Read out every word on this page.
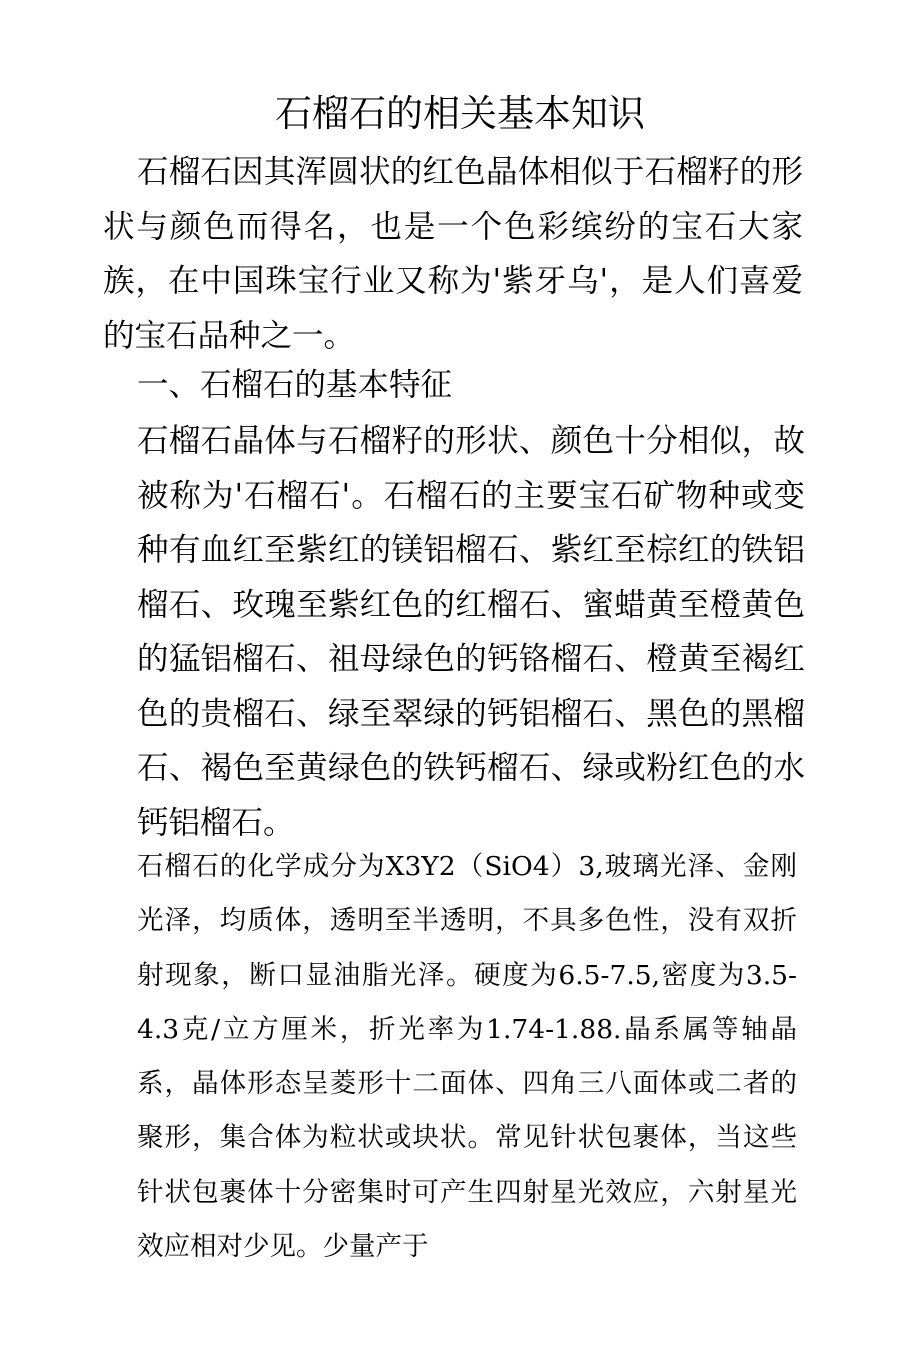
石榴石的相关基本知识

石榴石因其浑圆状的红色晶体相似于石榴籽的形状与颜色而得名，也是一个色彩缤纷的宝石大家族，在中国珠宝行业又称为'紫牙乌'，是人们喜爱的宝石品种之一。

一、石榴石的基本特征

石榴石晶体与石榴籽的形状、颜色十分相似，故被称为'石榴石'。石榴石的主要宝石矿物种或变种有血红至紫红的镁铝榴石、紫红至棕红的铁铝榴石、玫瑰至紫红色的红榴石、蜜蜡黄至橙黄色的猛铝榴石、祖母绿色的钙铬榴石、橙黄至褐红色的贵榴石、绿至翠绿的钙铝榴石、黑色的黑榴石、褐色至黄绿色的铁钙榴石、绿或粉红色的水钙铝榴石。

石榴石的化学成分为X3Y2（SiO4）3,玻璃光泽、金刚光泽，均质体，透明至半透明，不具多色性，没有双折射现象，断口显油脂光泽。硬度为6.5-7.5,密度为3.5-4.3克/立方厘米，折光率为1.74-1.88.晶系属等轴晶系，晶体形态呈菱形十二面体、四角三八面体或二者的聚形，集合体为粒状或块状。常见针状包裹体，当这些针状包裹体十分密集时可产生四射星光效应，六射星光效应相对少见。少量产于
